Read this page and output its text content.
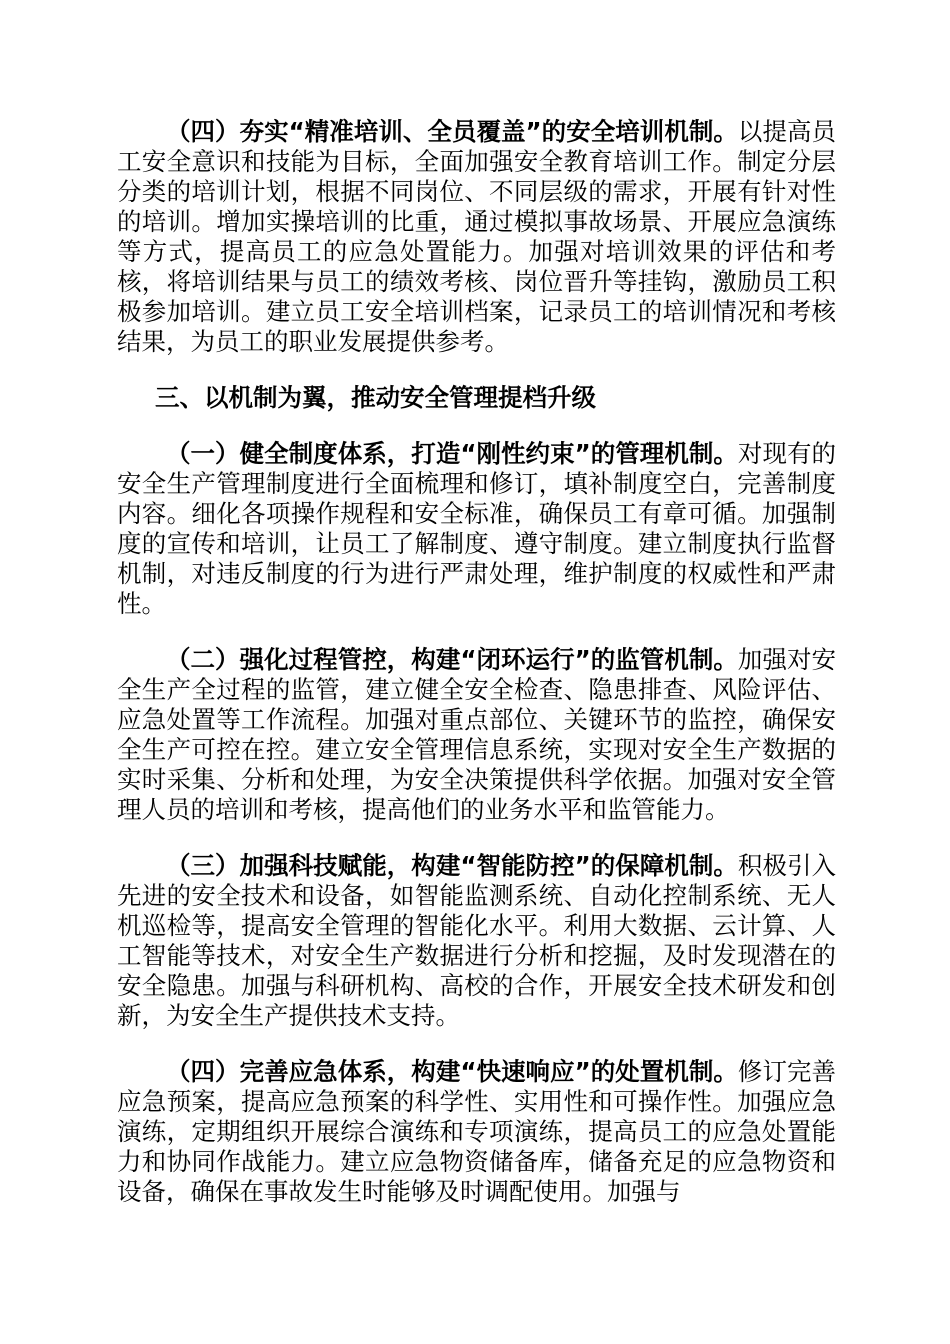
（四）夯实“精准培训、全员覆盖”的安全培训机制。以提高员工安全意识和技能为目标，全面加强安全教育培训工作。制定分层分类的培训计划，根据不同岗位、不同层级的需求，开展有针对性的培训。增加实操培训的比重，通过模拟事故场景、开展应急演练等方式，提高员工的应急处置能力。加强对培训效果的评估和考核，将培训结果与员工的绩效考核、岗位晋升等挂钩，激励员工积极参加培训。建立员工安全培训档案，记录员工的培训情况和考核结果，为员工的职业发展提供参考。

三、以机制为翼，推动安全管理提档升级

（一）健全制度体系，打造“刚性约束”的管理机制。对现有的安全生产管理制度进行全面梳理和修订，填补制度空白，完善制度内容。细化各项操作规程和安全标准，确保员工有章可循。加强制度的宣传和培训，让员工了解制度、遵守制度。建立制度执行监督机制，对违反制度的行为进行严肃处理，维护制度的权威性和严肃性。

（二）强化过程管控，构建“闭环运行”的监管机制。加强对安全生产全过程的监管，建立健全安全检查、隐患排查、风险评估、应急处置等工作流程。加强对重点部位、关键环节的监控，确保安全生产可控在控。建立安全管理信息系统，实现对安全生产数据的实时采集、分析和处理，为安全决策提供科学依据。加强对安全管理人员的培训和考核，提高他们的业务水平和监管能力。

（三）加强科技赋能，构建“智能防控”的保障机制。积极引入先进的安全技术和设备，如智能监测系统、自动化控制系统、无人机巡检等，提高安全管理的智能化水平。利用大数据、云计算、人工智能等技术，对安全生产数据进行分析和挖掘，及时发现潜在的安全隐患。加强与科研机构、高校的合作，开展安全技术研发和创新，为安全生产提供技术支持。

（四）完善应急体系，构建“快速响应”的处置机制。修订完善应急预案，提高应急预案的科学性、实用性和可操作性。加强应急演练，定期组织开展综合演练和专项演练，提高员工的应急处置能力和协同作战能力。建立应急物资储备库，储备充足的应急物资和设备，确保在事故发生时能够及时调配使用。加强与
